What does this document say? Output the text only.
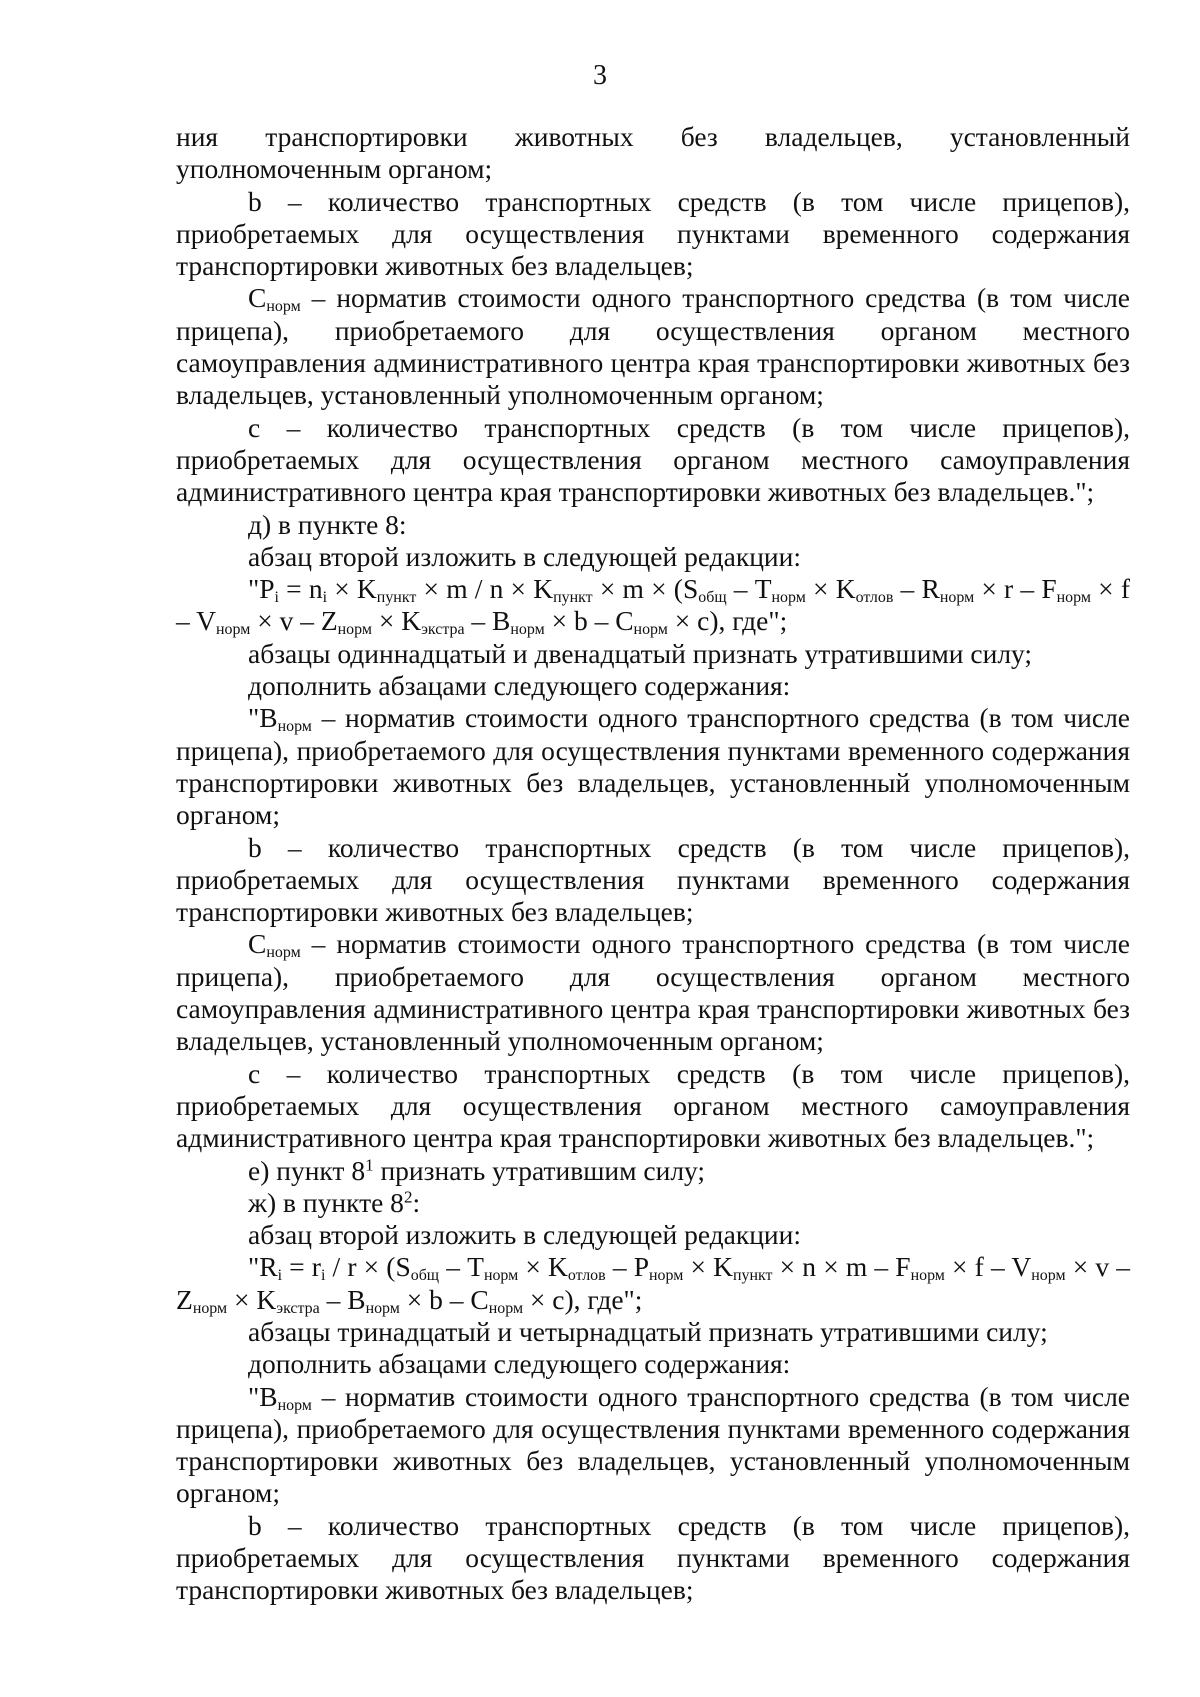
3

ния транспортировки животных без владельцев, установленный уполномоченным органом;

b – количество транспортных средств (в том числе прицепов), приобретаемых для осуществления пунктами временного содержания транспортировки животных без владельцев;

$С_{норм}$ – норматив стоимости одного транспортного средства (в том числе прицепа), приобретаемого для осуществления органом местного самоуправления административного центра края транспортировки животных без владельцев, установленный уполномоченным органом;

c – количество транспортных средств (в том числе прицепов), приобретаемых для осуществления органом местного самоуправления административного центра края транспортировки животных без владельцев.";

д) в пункте 8:

абзац второй изложить в следующей редакции:

"$P_i = n_i \times K_{пункт} \times m / n \times K_{пункт} \times m \times (S_{общ} - T_{норм} \times K_{отлов} - R_{норм} \times r - F_{норм} \times f - V_{норм} \times v - Z_{норм} \times K_{экстра} - B_{норм} \times b - C_{норм} \times c)$, где";

абзацы одиннадцатый и двенадцатый признать утратившими силу;

дополнить абзацами следующего содержания:

"$B_{норм}$ – норматив стоимости одного транспортного средства (в том числе прицепа), приобретаемого для осуществления пунктами временного содержания транспортировки животных без владельцев, установленный уполномоченным органом;

b – количество транспортных средств (в том числе прицепов), приобретаемых для осуществления пунктами временного содержания транспортировки животных без владельцев;

$С_{норм}$ – норматив стоимости одного транспортного средства (в том числе прицепа), приобретаемого для осуществления органом местного самоуправления административного центра края транспортировки животных без владельцев, установленный уполномоченным органом;

c – количество транспортных средств (в том числе прицепов), приобретаемых для осуществления органом местного самоуправления административного центра края транспортировки животных без владельцев.";

е) пункт $8^1$ признать утратившим силу;

ж) в пункте $8^2$:

абзац второй изложить в следующей редакции:

"$R_i = r_i / r \times (S_{общ} - T_{норм} \times K_{отлов} - P_{норм} \times K_{пункт} \times n \times m - F_{норм} \times f - V_{норм} \times v - Z_{норм} \times K_{экстра} - B_{норм} \times b - C_{норм} \times c)$, где";

абзацы тринадцатый и четырнадцатый признать утратившими силу;

дополнить абзацами следующего содержания:

"$B_{норм}$ – норматив стоимости одного транспортного средства (в том числе прицепа), приобретаемого для осуществления пунктами временного содержания транспортировки животных без владельцев, установленный уполномоченным органом;

b – количество транспортных средств (в том числе прицепов), приобретаемых для осуществления пунктами временного содержания транспортировки животных без владельцев;
